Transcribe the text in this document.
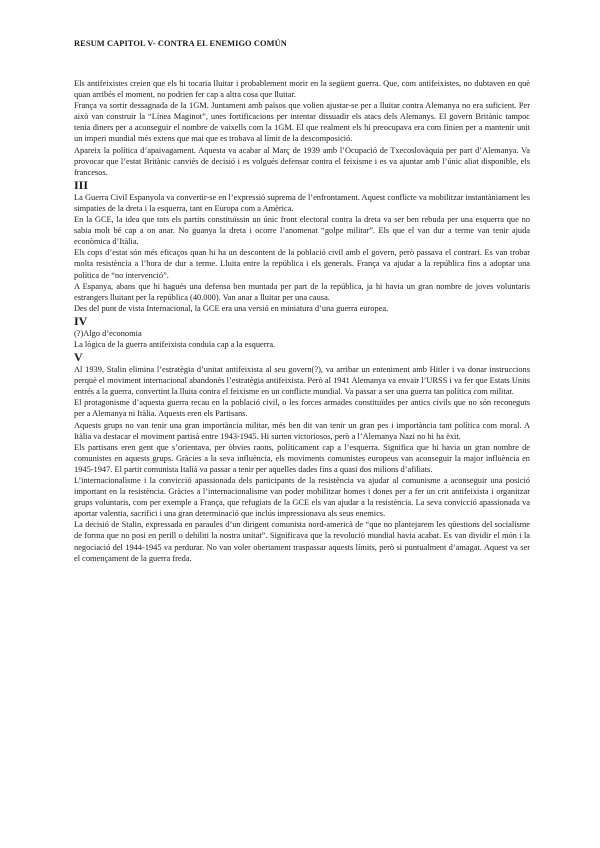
RESUM CAPITOL V- CONTRA EL ENEMIGO COMÚN

Els antifeixistes creien que els hi tocaria lluitar i probablement morir en la següent guerra. Que, com antifeixistes, no dubtaven en què quan arribés el moment, no podrien fer cap a altra cosa que lluitar.

França va sortir dessagnada de la 1GM. Juntament amb països que volien ajustar-se per a lluitar contra Alemanya no era suficient. Per això van construir la “Línea Maginot”, unes fortificacions per intentar dissuadir els atacs dels Alemanys. El govern Britànic tampoc tenia diners per a aconseguir el nombre de vaixells com la 1GM. El que realment els hi preocupava era com finien per a mantenir unit un imperi mundial més extens que mai que es trobava al límit de la descomposició.

Apareix la política d’apaivagament. Aquesta va acabar al Març de 1939 amb l’Ocupació de Txecoslovàquia per part d’Alemanya. Va provocar que l’estat Britànic canviés de decisió i es volgués defensar contra el feixisme i es va ajuntar amb l’únic aliat disponible, els francesos.

III

La Guerra Civil Espanyola va convertir-se en l’expressió suprema de l’enfrontament. Aquest conflicte va mobilitzar instantàniament les simpaties de la dreta i la esquerra, tant en Europa com a Amèrica.

En la GCE, la idea que tots els partits constituïssin un únic front electoral contra la dreta va ser ben rebuda per una esquerra que no sabia molt bé cap a on anar. No guanya la dreta i ocorre l’anomenat “golpe militar”. Els que el van dur a terme van tenir ajuda econòmica d’Itàlia.

Els cops d’estat són més eficaços quan hi ha un descontent de la població civil amb el govern, però passava el contrari. Es van trobar molta resistència a l’hora de dur a terme. Lluita entre la república i els generals. França va ajudar a la república fins a adoptar una política de “no intervenció”.

A Espanya, abans que hi hagués una defensa ben muntada per part de la república, ja hi havia un gran nombre de joves voluntaris estrangers lluitant per la república (40.000). Van anar a lluitar per una causa.

Des del punt de vista Internacional, la GCE era una versió en miniatura d’una guerra europea.

IV

(?)Algo d’economia

La lògica de la guerra antifeixista conduïa cap a la esquerra.

V

Al 1939, Stalin elimina l’estratègia d’unitat antifeixista al seu govern(?), va arribar un enteniment amb Hitler i va donar instruccions perquè el moviment internacional abandonés l’estratègia antifeixista. Però al 1941 Alemanya va envair l’URSS i va fer que Estats Units entrés a la guerra, convertint la lluita contra el feixisme en un conflicte mundial. Va passar a ser una guerra tan política com militar.

El protagonisme d’aquesta guerra recau en la població civil, o les forces armades constituïdes per antics civils que no són reconeguts per a Alemanya ni Itàlia. Aquests eren els Partisans.

Aquests grups no van tenir una gran importància militar, més ben dit van tenir un gran pes i importància tant política com moral. A Itàlia va destacar el moviment partisà entre 1943-1945. Hi surten victoriosos, però a l’Alemanya Nazi no hi ha èxit.

Els partisans eren gent que s’orientava, per òbvies raons, políticament cap a l’esquerra. Significa que hi havia un gran nombre de comunistes en aquests grups. Gràcies a la seva influència, els moviments comunistes europeus van aconseguir la major influència en 1945-1947. El partit comunista Italià va passar a tenir per aquelles dades fins a quasi dos milions d’afiliats.

L’internacionalisme i la convicció apassionada dels participants de la resistència va ajudar al comunisme a aconseguir una posició important en la resistència. Gràcies a l’internacionalisme van poder mobilitzar homes i dones per a fer un crit antifeixista i organitzar grups voluntaris, com per exemple a França, que refugiats de la GCE els van ajudar a la resistència. La seva convicció apassionada va aportar valentia, sacrifici i una gran determinació que inclús impressionava als seus enemics.

La decisió de Stalin, expressada en paraules d’un dirigent comunista nord-americà de “que no plantejarem les qüestions del socialisme de forma que no posi en perill o debiliti la nostra unitat”. Significava que la revolució mundial havia acabat. Es van dividir el món i la negociació del 1944-1945 va perdurar. No van voler obertament traspassar aquests límits, però si puntualment d’amagat. Aquest va ser el començament de la guerra freda.
